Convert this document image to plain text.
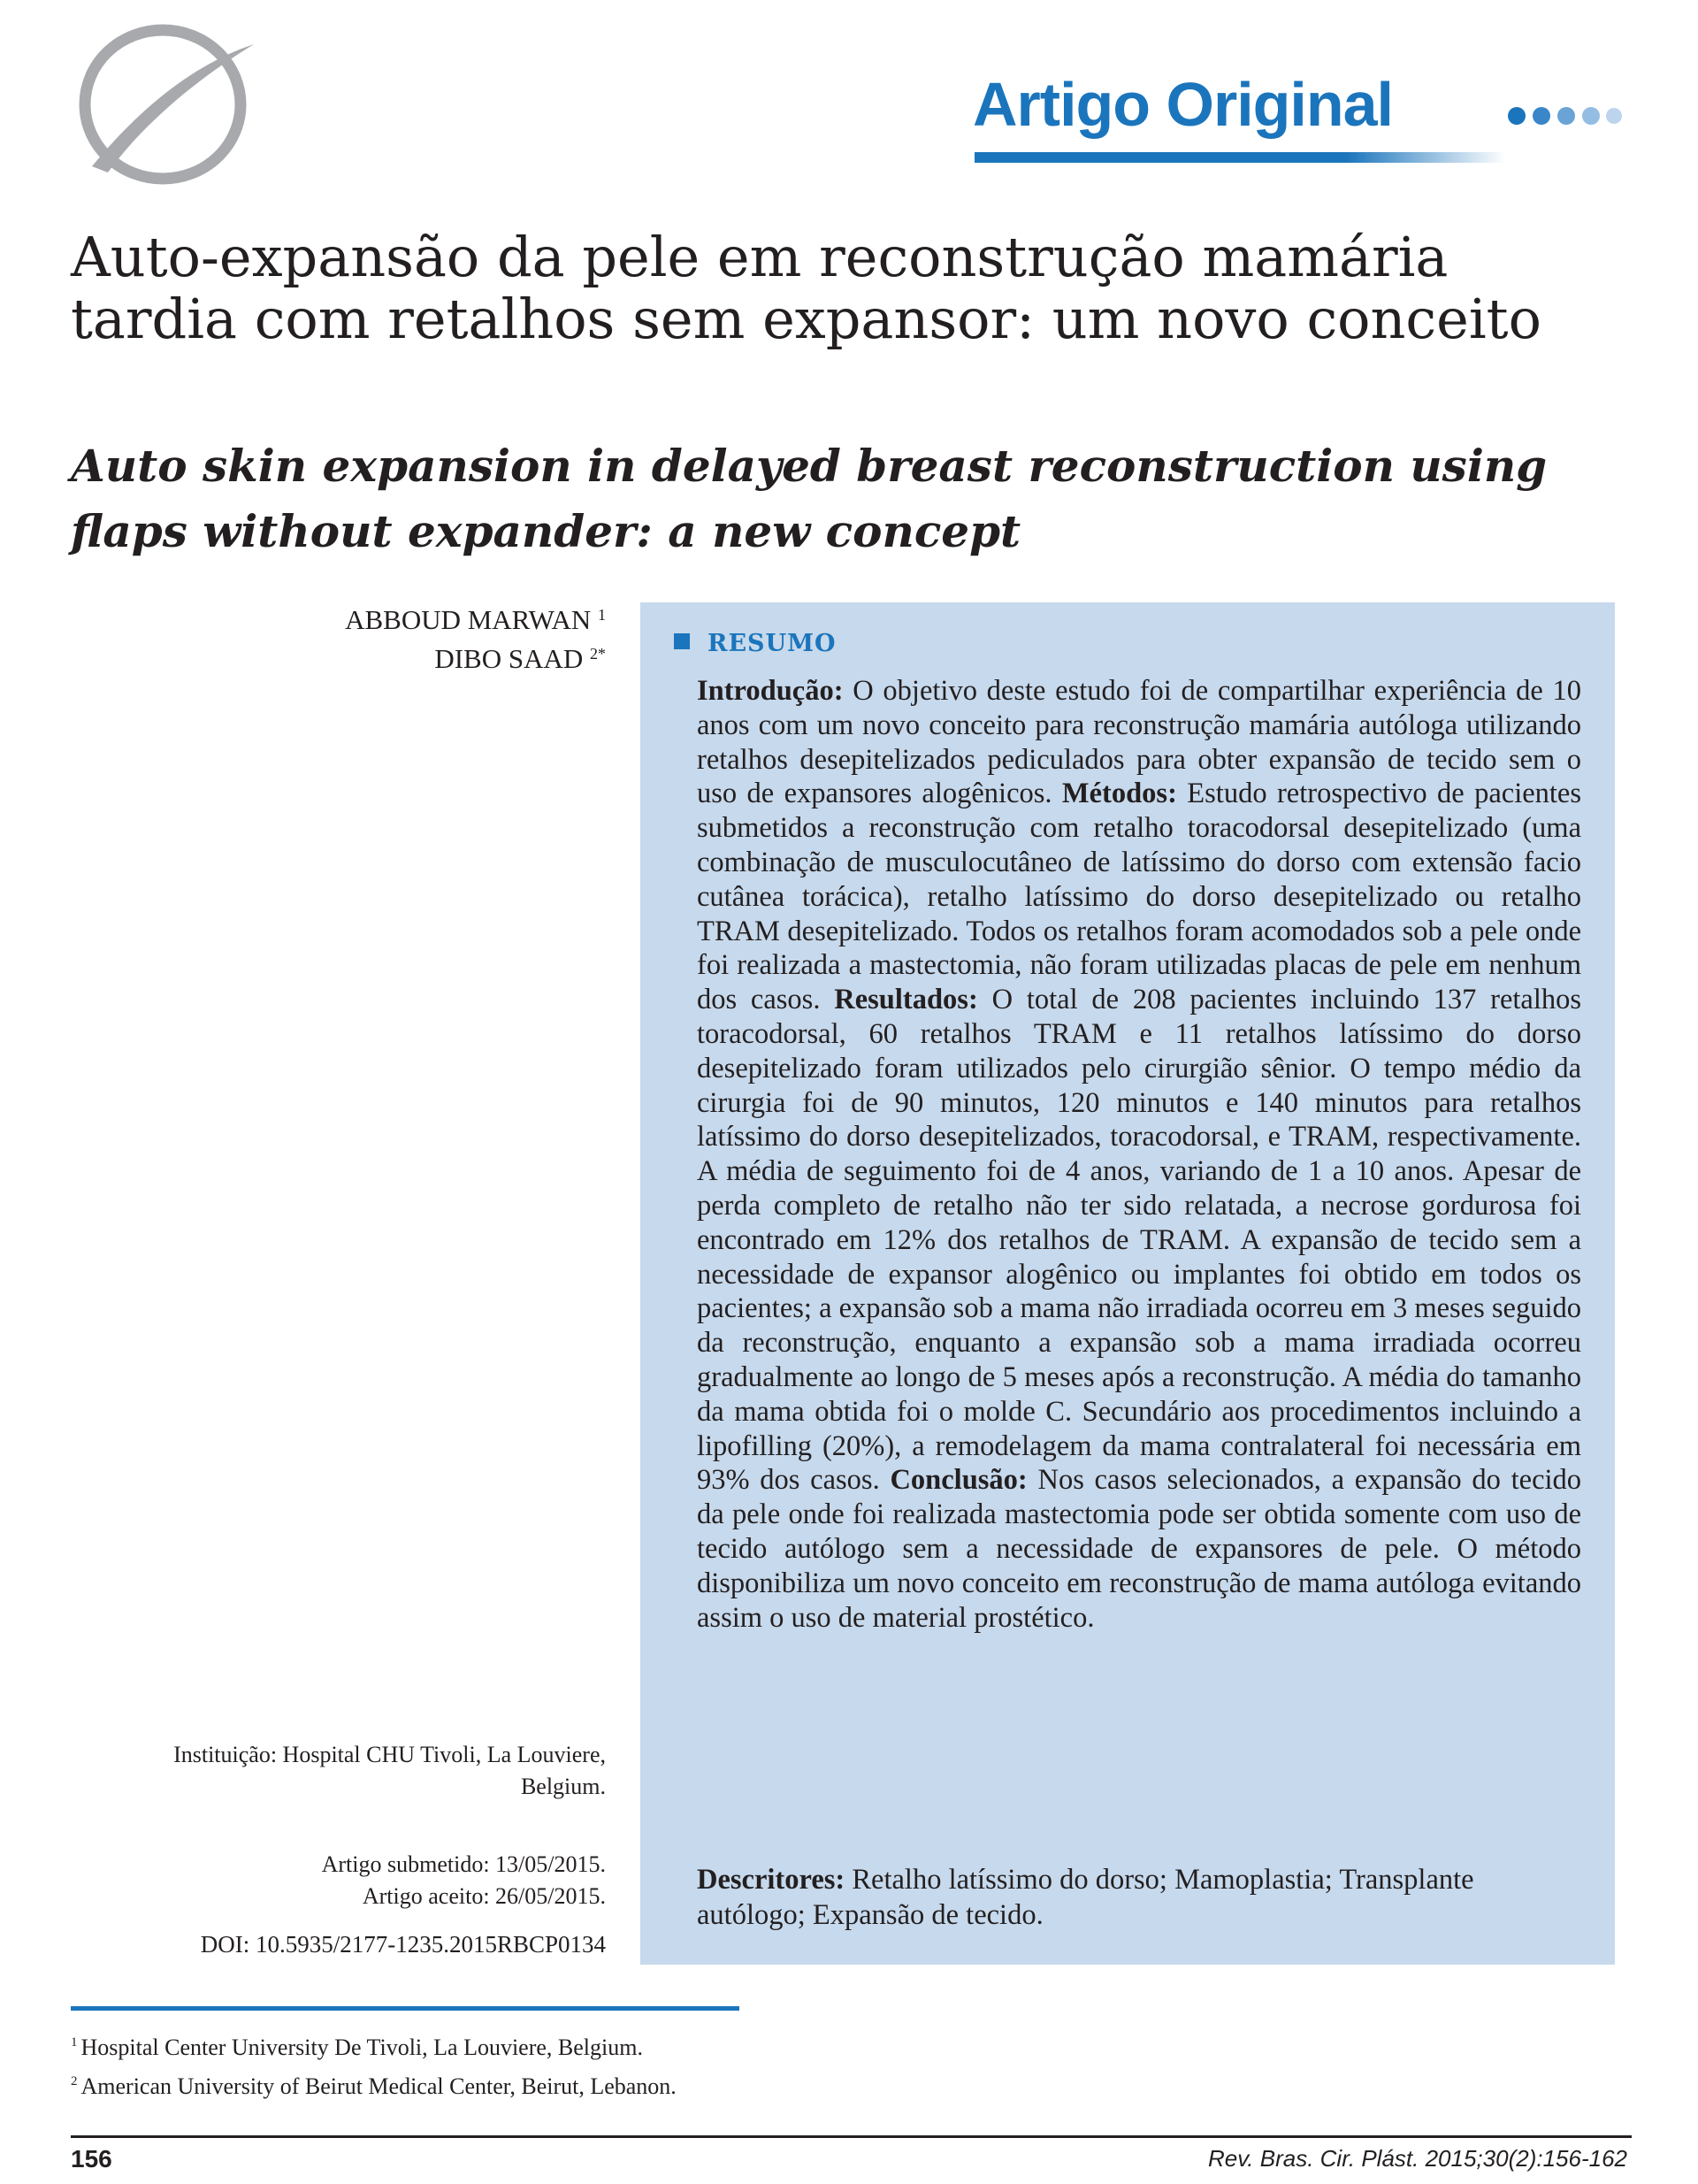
Artigo Original
Auto-expansão da pele em reconstrução mamária tardia com retalhos sem expansor: um novo conceito
Auto skin expansion in delayed breast reconstruction using flaps without expander: a new concept
ABBOUD MARWAN $^1$
DIBO SAAD $^{2*}$
Instituição: Hospital CHU Tivoli, La Louviere, Belgium.
Artigo submetido: 13/05/2015.
Artigo aceito: 26/05/2015.
DOI: 10.5935/2177-1235.2015RBCP0134
RESUMO
Introdução: O objetivo deste estudo foi de compartilhar experiência de 10 anos com um novo conceito para reconstrução mamária autóloga utilizando retalhos desepitelizados pediculados para obter expansão de tecido sem o uso de expansores alogênicos. Métodos: Estudo retrospectivo de pacientes submetidos a reconstrução com retalho toracodorsal desepitelizado (uma combinação de musculocutâneo de latíssimo do dorso com extensão facio cutânea torácica), retalho latíssimo do dorso desepitelizado ou retalho TRAM desepitelizado. Todos os retalhos foram acomodados sob a pele onde foi realizada a mastectomia, não foram utilizadas placas de pele em nenhum dos casos. Resultados: O total de 208 pacientes incluindo 137 retalhos toracodorsal, 60 retalhos TRAM e 11 retalhos latíssimo do dorso desepitelizado foram utilizados pelo cirurgião sênior. O tempo médio da cirurgia foi de 90 minutos, 120 minutos e 140 minutos para retalhos latíssimo do dorso desepitelizados, toracodorsal, e TRAM, respectivamente. A média de seguimento foi de 4 anos, variando de 1 a 10 anos. Apesar de perda completo de retalho não ter sido relatada, a necrose gordurosa foi encontrado em 12% dos retalhos de TRAM. A expansão de tecido sem a necessidade de expansor alogênico ou implantes foi obtido em todos os pacientes; a expansão sob a mama não irradiada ocorreu em 3 meses seguido da reconstrução, enquanto a expansão sob a mama irradiada ocorreu gradualmente ao longo de 5 meses após a reconstrução. A média do tamanho da mama obtida foi o molde C. Secundário aos procedimentos incluindo a lipofilling (20%), a remodelagem da mama contralateral foi necessária em 93% dos casos. Conclusão: Nos casos selecionados, a expansão do tecido da pele onde foi realizada mastectomia pode ser obtida somente com uso de tecido autólogo sem a necessidade de expansores de pele. O método disponibiliza um novo conceito em reconstrução de mama autóloga evitando assim o uso de material prostético.
Descritores: Retalho latíssimo do dorso; Mamoplastia; Transplante autólogo; Expansão de tecido.
$^1$ Hospital Center University De Tivoli, La Louviere, Belgium.
$^2$ American University of Beirut Medical Center, Beirut, Lebanon.
156	Rev. Bras. Cir. Plást. 2015;30(2):156-162
